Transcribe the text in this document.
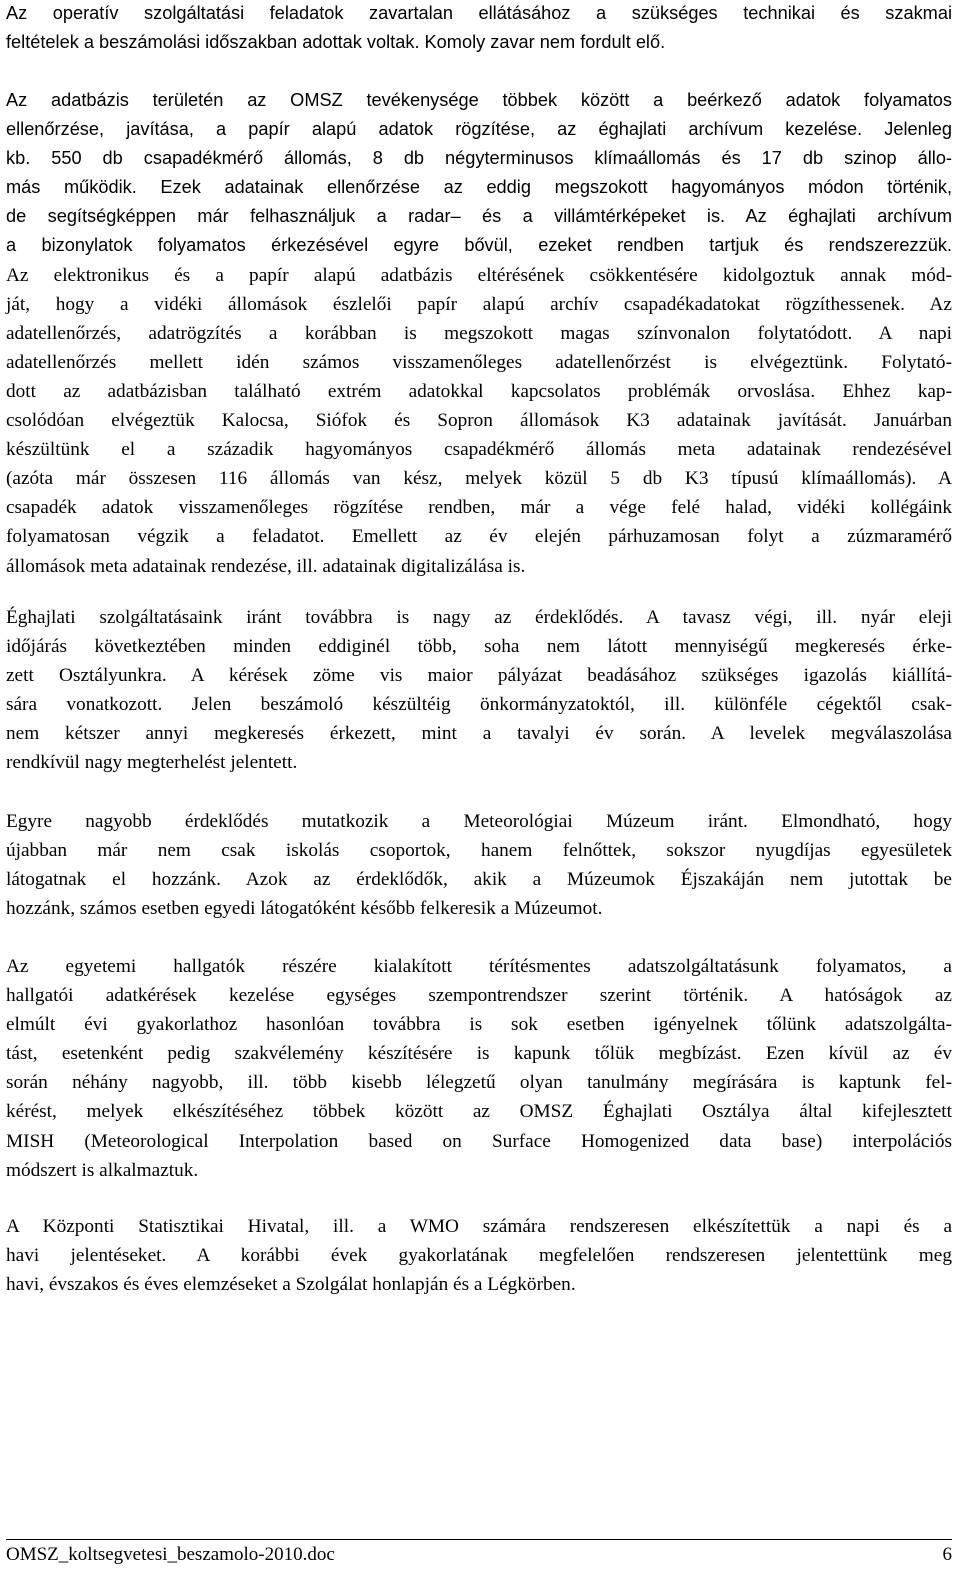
Az operatív szolgáltatási feladatok zavartalan ellátásához a szükséges technikai és szakmai
feltételek a beszámolási időszakban adottak voltak. Komoly zavar nem fordult elő.
Az adatbázis területén az OMSZ tevékenysége többek között a beérkező adatok folyamatos
ellenőrzése, javítása, a papír alapú adatok rögzítése, az éghajlati archívum kezelése. Jelenleg
kb. 550 db csapadékmérő állomás, 8 db négyterminusos klímaállomás és 17 db szinop állo-
más működik. Ezek adatainak ellenőrzése az eddig megszokott hagyományos módon történik,
de segítségképpen már felhasználjuk a radar– és a villámtérképeket is. Az éghajlati archívum
a bizonylatok folyamatos érkezésével egyre bővül, ezeket rendben tartjuk és rendszerezzük.
Az elektronikus és a papír alapú adatbázis eltérésének csökkentésére kidolgoztuk annak mód-
ját, hogy a vidéki állomások észlelői papír alapú archív csapadékadatokat rögzíthessenek. Az
adatellenőrzés, adatrögzítés a korábban is megszokott magas színvonalon folytatódott. A napi
adatellenőrzés mellett idén számos visszamenőleges adatellenőrzést is elvégeztünk. Folytató-
dott az adatbázisban található extrém adatokkal kapcsolatos problémák orvoslása. Ehhez kap-
csolódóan elvégeztük Kalocsa, Siófok és Sopron állomások K3 adatainak javítását. Januárban
készültünk el a századik hagyományos csapadékmérő állomás meta adatainak rendezésével
(azóta már összesen 116 állomás van kész, melyek közül 5 db K3 típusú klímaállomás). A
csapadék adatok visszamenőleges rögzítése rendben, már a vége felé halad, vidéki kollégáink
folyamatosan végzik a feladatot. Emellett az év elején párhuzamosan folyt a zúzmaramérő
állomások meta adatainak rendezése, ill. adatainak digitalizálása is.
Éghajlati szolgáltatásaink iránt továbbra is nagy az érdeklődés. A tavasz végi, ill. nyár eleji
időjárás következtében minden eddiginél több, soha nem látott mennyiségű megkeresés érke-
zett Osztályunkra. A kérések zöme vis maior pályázat beadásához szükséges igazolás kiállítá-
sára vonatkozott. Jelen beszámoló készültéig önkormányzatoktól, ill. különféle cégektől csak-
nem kétszer annyi megkeresés érkezett, mint a tavalyi év során. A levelek megválaszolása
rendkívül nagy megterhelést jelentett.
Egyre nagyobb érdeklődés mutatkozik a Meteorológiai Múzeum iránt. Elmondható, hogy
újabban már nem csak iskolás csoportok, hanem felnőttek, sokszor nyugdíjas egyesületek
látogatnak el hozzánk. Azok az érdeklődők, akik a Múzeumok Éjszakáján nem jutottak be
hozzánk, számos esetben egyedi látogatóként később felkeresik a Múzeumot.
Az egyetemi hallgatók részére kialakított térítésmentes adatszolgáltatásunk folyamatos, a
hallgatói adatkérések kezelése egységes szempontrendszer szerint történik. A hatóságok az
elmúlt évi gyakorlathoz hasonlóan továbbra is sok esetben igényelnek tőlünk adatszolgálta-
tást, esetenként pedig szakvélemény készítésére is kapunk tőlük megbízást. Ezen kívül az év
során néhány nagyobb, ill. több kisebb lélegzetű olyan tanulmány megírására is kaptunk fel-
kérést, melyek elkészítéséhez többek között az OMSZ Éghajlati Osztálya által kifejlesztett
MISH (Meteorological Interpolation based on Surface Homogenized data base) interpolációs
módszert is alkalmaztuk.
A Központi Statisztikai Hivatal, ill. a WMO számára rendszeresen elkészítettük a napi és a
havi jelentéseket. A korábbi évek gyakorlatának megfelelően rendszeresen jelentettünk meg
havi, évszakos és éves elemzéseket a Szolgálat honlapján és a Légkörben.
OMSZ_koltsegvetesi_beszamolo-2010.doc	6
